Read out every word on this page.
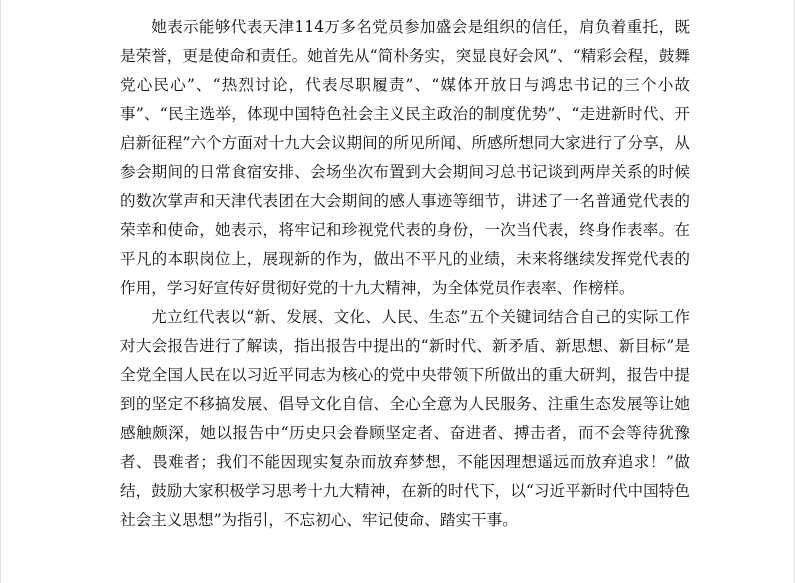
她表示能够代表天津114万多名党员参加盛会是组织的信任，肩负着重托，既是荣誉，更是使命和责任。她首先从“简朴务实，突显良好会风”、“精彩会程，鼓舞党心民心”、“热烈讨论，代表尽职履责”、“媒体开放日与鸿忠书记的三个小故事”、“民主选举，体现中国特色社会主义民主政治的制度优势”、“走进新时代、开启新征程”六个方面对十九大会议期间的所见所闻、所感所想同大家进行了分享，从参会期间的日常食宿安排、会场坐次布置到大会期间习总书记谈到两岸关系的时候的数次掌声和天津代表团在大会期间的感人事迹等细节，讲述了一名普通党代表的荣幸和使命，她表示，将牢记和珍视党代表的身份，一次当代表，终身作表率。在平凡的本职岗位上，展现新的作为，做出不平凡的业绩，未来将继续发挥党代表的作用，学习好宣传好贯彻好党的十九大精神，为全体党员作表率、作榜样。

尤立红代表以“新、发展、文化、人民、生态”五个关键词结合自己的实际工作对大会报告进行了解读，指出报告中提出的“新时代、新矛盾、新思想、新目标”是全党全国人民在以习近平同志为核心的党中央带领下所做出的重大研判，报告中提到的坚定不移搞发展、倡导文化自信、全心全意为人民服务、注重生态发展等让她感触颇深，她以报告中“历史只会眷顾坚定者、奋进者、搏击者，而不会等待犹豫者、畏难者；我们不能因现实复杂而放弃梦想，不能因理想遥远而放弃追求！”做结，鼓励大家积极学习思考十九大精神，在新的时代下，以“习近平新时代中国特色社会主义思想”为指引，不忘初心、牢记使命、踏实干事。
